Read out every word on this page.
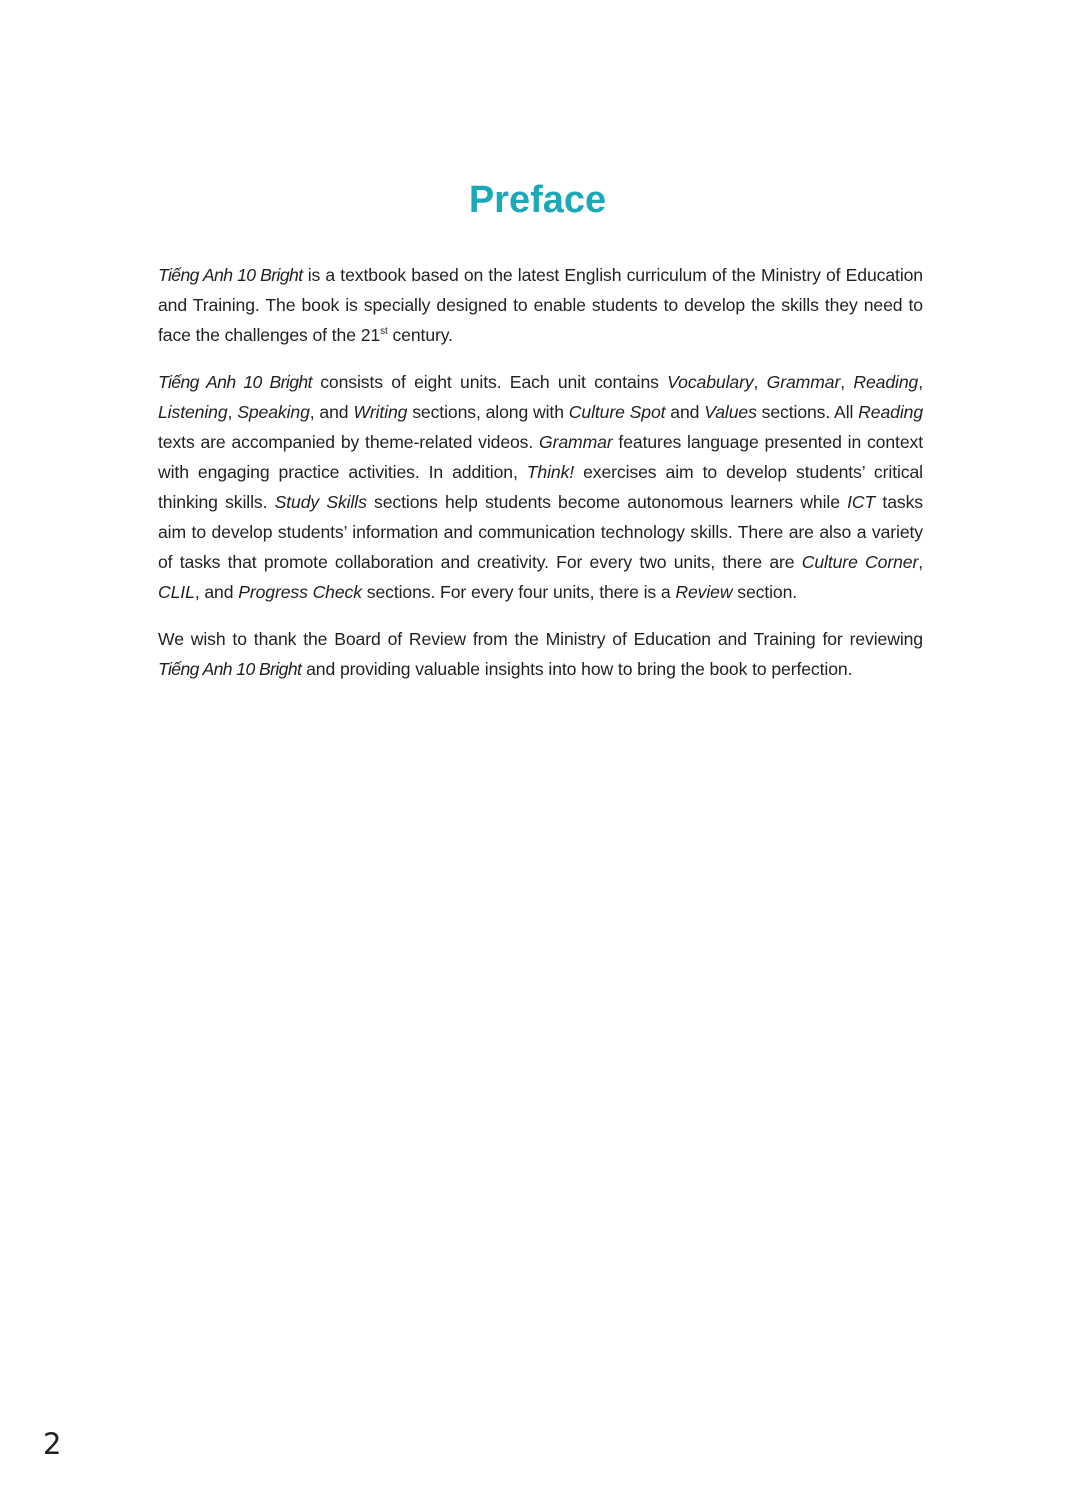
Preface

Tiếng Anh 10 Bright is a textbook based on the latest English curriculum of the Ministry of Education and Training. The book is specially designed to enable students to develop the skills they need to face the challenges of the 21st century.

Tiếng Anh 10 Bright consists of eight units. Each unit contains Vocabulary, Grammar, Reading, Listening, Speaking, and Writing sections, along with Culture Spot and Values sections. All Reading texts are accompanied by theme-related videos. Grammar features language presented in context with engaging practice activities. In addition, Think! exercises aim to develop students’ critical thinking skills. Study Skills sections help students become autonomous learners while ICT tasks aim to develop students’ information and communication technology skills. There are also a variety of tasks that promote collaboration and creativity. For every two units, there are Culture Corner, CLIL, and Progress Check sections. For every four units, there is a Review section.

We wish to thank the Board of Review from the Ministry of Education and Training for reviewing Tiếng Anh 10 Bright and providing valuable insights into how to bring the book to perfection.

2
